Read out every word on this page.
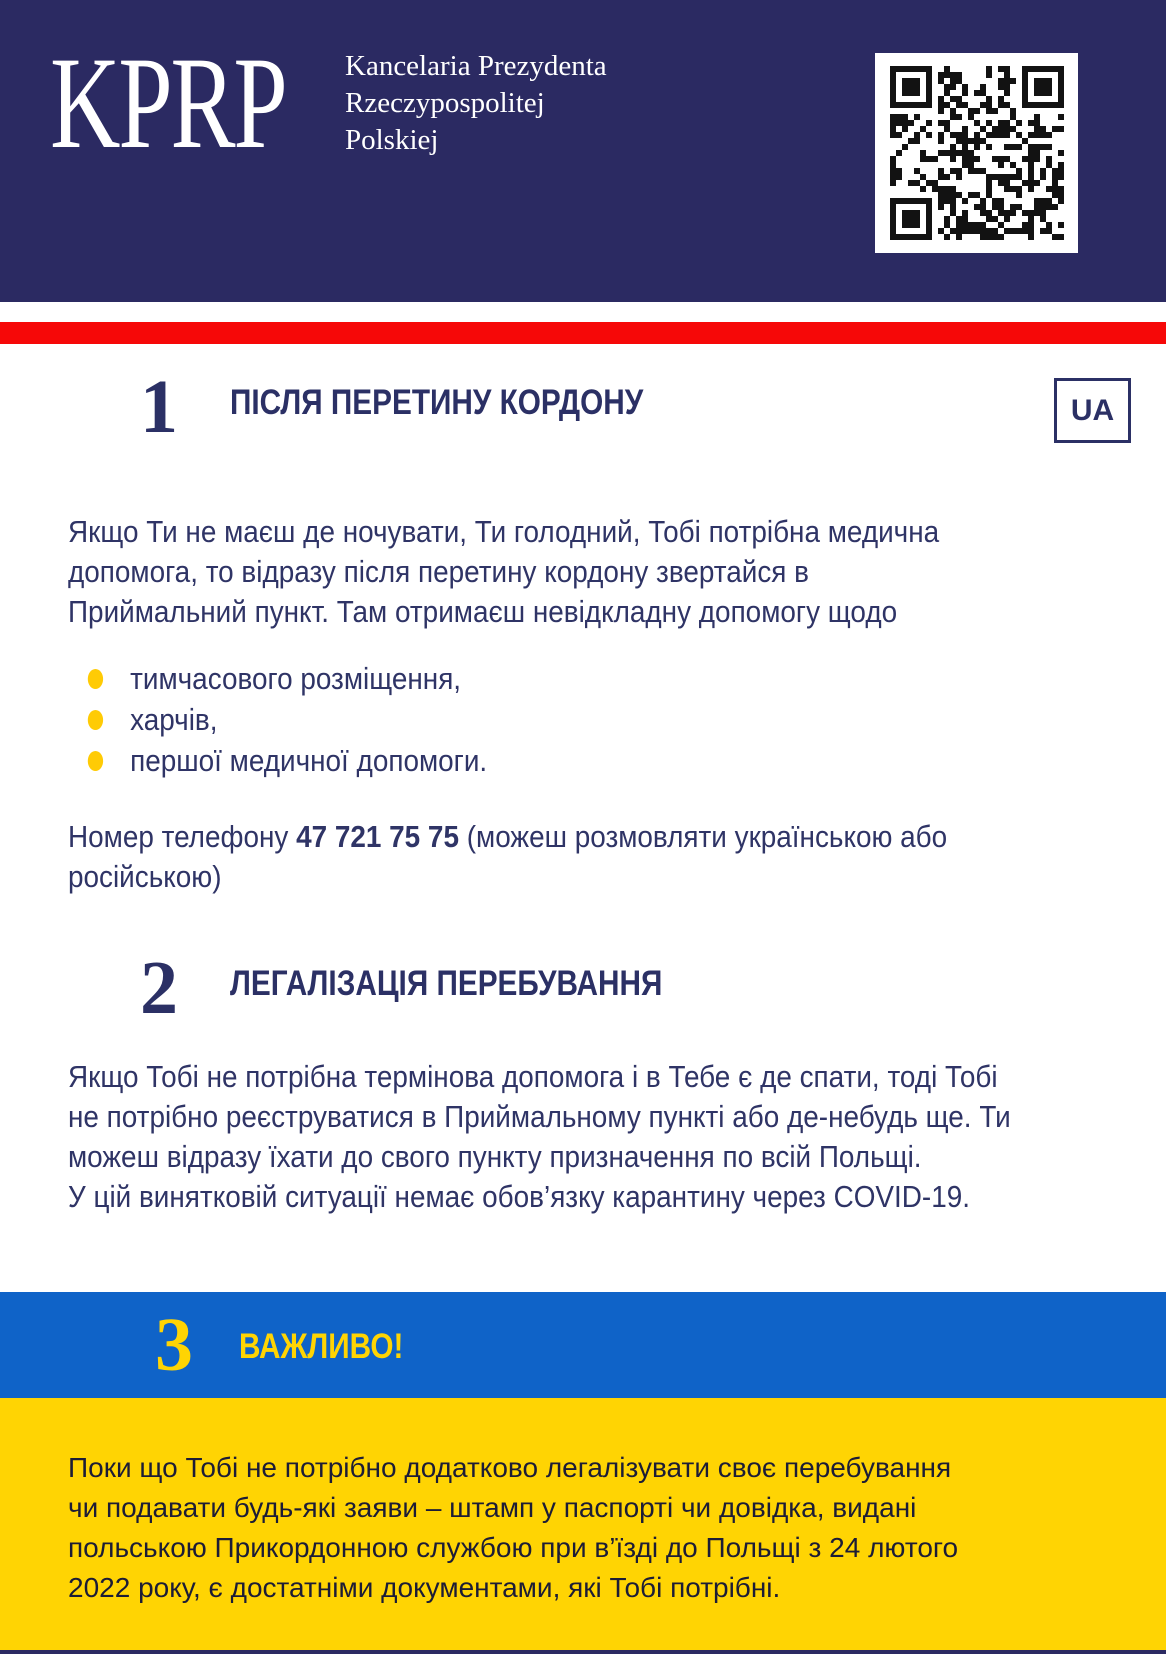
KPRP Kancelaria Prezydenta
Rzeczypospolitej
Polskiej
UA
1 ПІСЛЯ ПЕРЕТИНУ КОРДОНУ
Якщо Ти не маєш де ночувати, Ти голодний, Тобі потрібна медична
допомога, то відразу після перетину кордону звертайся в
Приймальний пункт. Там отримаєш невідкладну допомогу щодо
тимчасового розміщення,
харчів,
першої медичної допомоги.
Номер телефону 47 721 75 75 (можеш розмовляти українською або
російською)
2 ЛЕГАЛІЗАЦІЯ ПЕРЕБУВАННЯ
Якщо Тобі не потрібна термінова допомога і в Тебе є де спати, тоді Тобі
не потрібно реєструватися в Приймальному пункті або де-небудь ще. Ти
можеш відразу їхати до свого пункту призначення по всій Польщі.
У цій винятковій ситуації немає обов’язку карантину через COVID-19.
3 ВАЖЛИВО!
Поки що Тобі не потрібно додатково легалізувати своє перебування
чи подавати будь-які заяви – штамп у паспорті чи довідка, видані
польською Прикордонною службою при в’їзді до Польщі з 24 лютого
2022 року, є достатніми документами, які Тобі потрібні.
